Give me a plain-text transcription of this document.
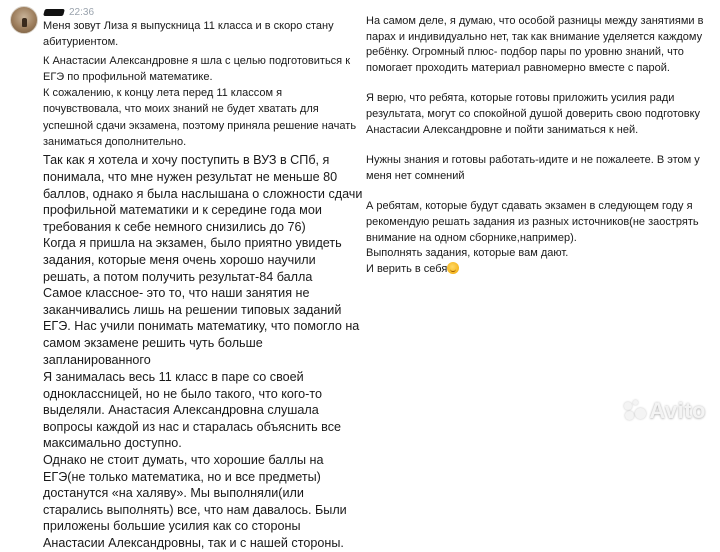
22:36

Меня зовут Лиза я выпускница 11 класса и в скоро стану абитуриентом.

К Анастасии Александровне я шла с целью подготовиться к ЕГЭ по профильной математике.

К сожалению, к концу лета перед 11 классом я почувствовала, что моих знаний не будет хватать для успешной сдачи экзамена, поэтому приняла решение начать заниматься дополнительно.

Так как я хотела и хочу поступить в ВУЗ в СПб, я понимала, что мне нужен результат не меньше 80 баллов, однако я была наслышана о сложности сдачи профильной математики и к середине года мои требования к себе немного снизились до 76)

Когда я пришла на экзамен, было приятно увидеть задания, которые меня очень хорошо научили решать, а потом получить результат-84 балла

Самое классное- это то, что наши занятия не заканчивались лишь на решении типовых заданий ЕГЭ. Нас учили понимать математику, что помогло на самом экзамене решить чуть больше запланированного

Я занималась весь 11 класс в паре со своей одноклассницей, но не было такого, что кого-то выделяли. Анастасия Александровна слушала вопросы каждой из нас и старалась объяснить все максимально доступно.

Однако не стоит думать, что хорошие баллы на ЕГЭ(не только математика, но и все предметы) достанутся «на халяву». Мы выполняли(или старались выполнять) все, что нам давалось. Были приложены большие усилия как со стороны Анастасии Александровны, так и с нашей стороны.

На самом деле, я думаю, что особой разницы между занятиями в парах и индивидуально нет, так как внимание уделяется каждому ребёнку. Огромный плюс- подбор пары по уровню знаний, что помогает проходить материал равномерно вместе с парой.

Я верю, что ребята, которые готовы приложить усилия ради результата, могут со спокойной душой доверить свою подготовку Анастасии Александровне и пойти заниматься к ней.

Нужны знания и готовы работать-идите и не пожалеете. В этом у меня нет сомнений

А ребятам, которые будут сдавать экзамен в следующем году я рекомендую решать задания из разных источников(не заострять внимание на одном сборнике,например).

Выполнять задания, которые вам дают.

И верить в себя

Avito
